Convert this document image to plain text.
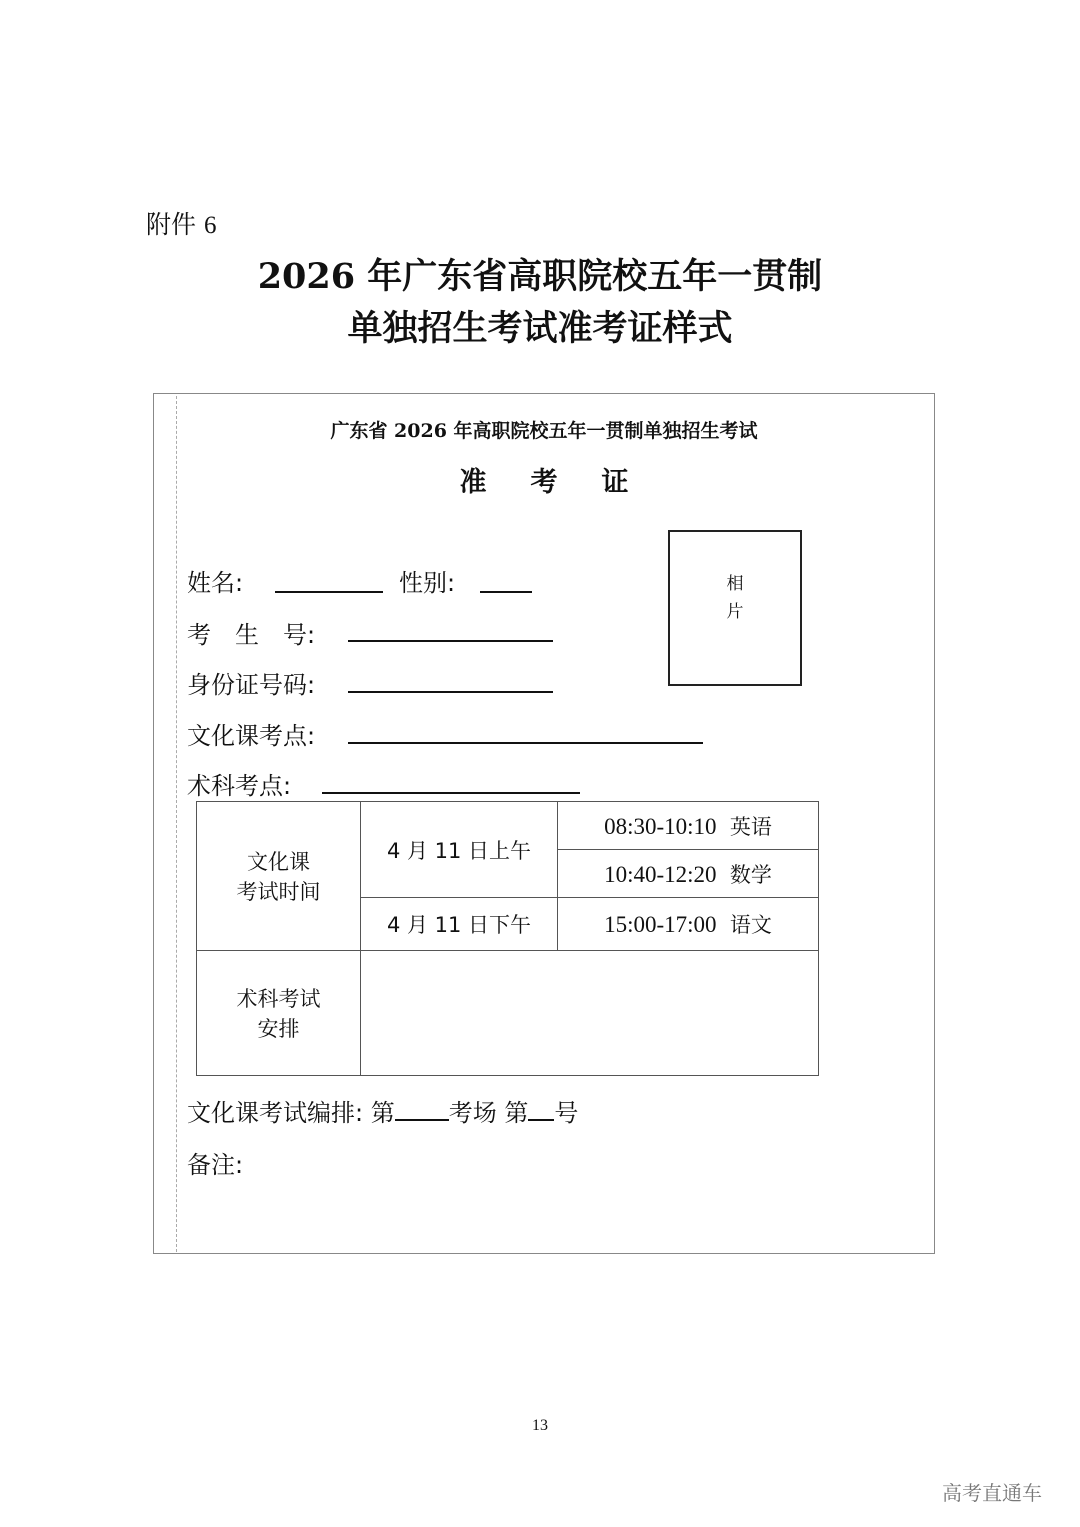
附件 6
2026 年广东省高职院校五年一贯制
单独招生考试准考证样式
广东省 2026 年高职院校五年一贯制单独招生考试
准考证
相
片
姓名:	性别:
考　生　号:
身份证号码:
文化课考点:
术科考点:
文化课
考试时间	4 月 11 日上午	08:30-10:10 英语
		10:40-12:20 数学
	4 月 11 日下午	15:00-17:00 语文

术科考试
安排		

文化课考试编排: 第 考场 第 号
备注:
13
高考直通车
